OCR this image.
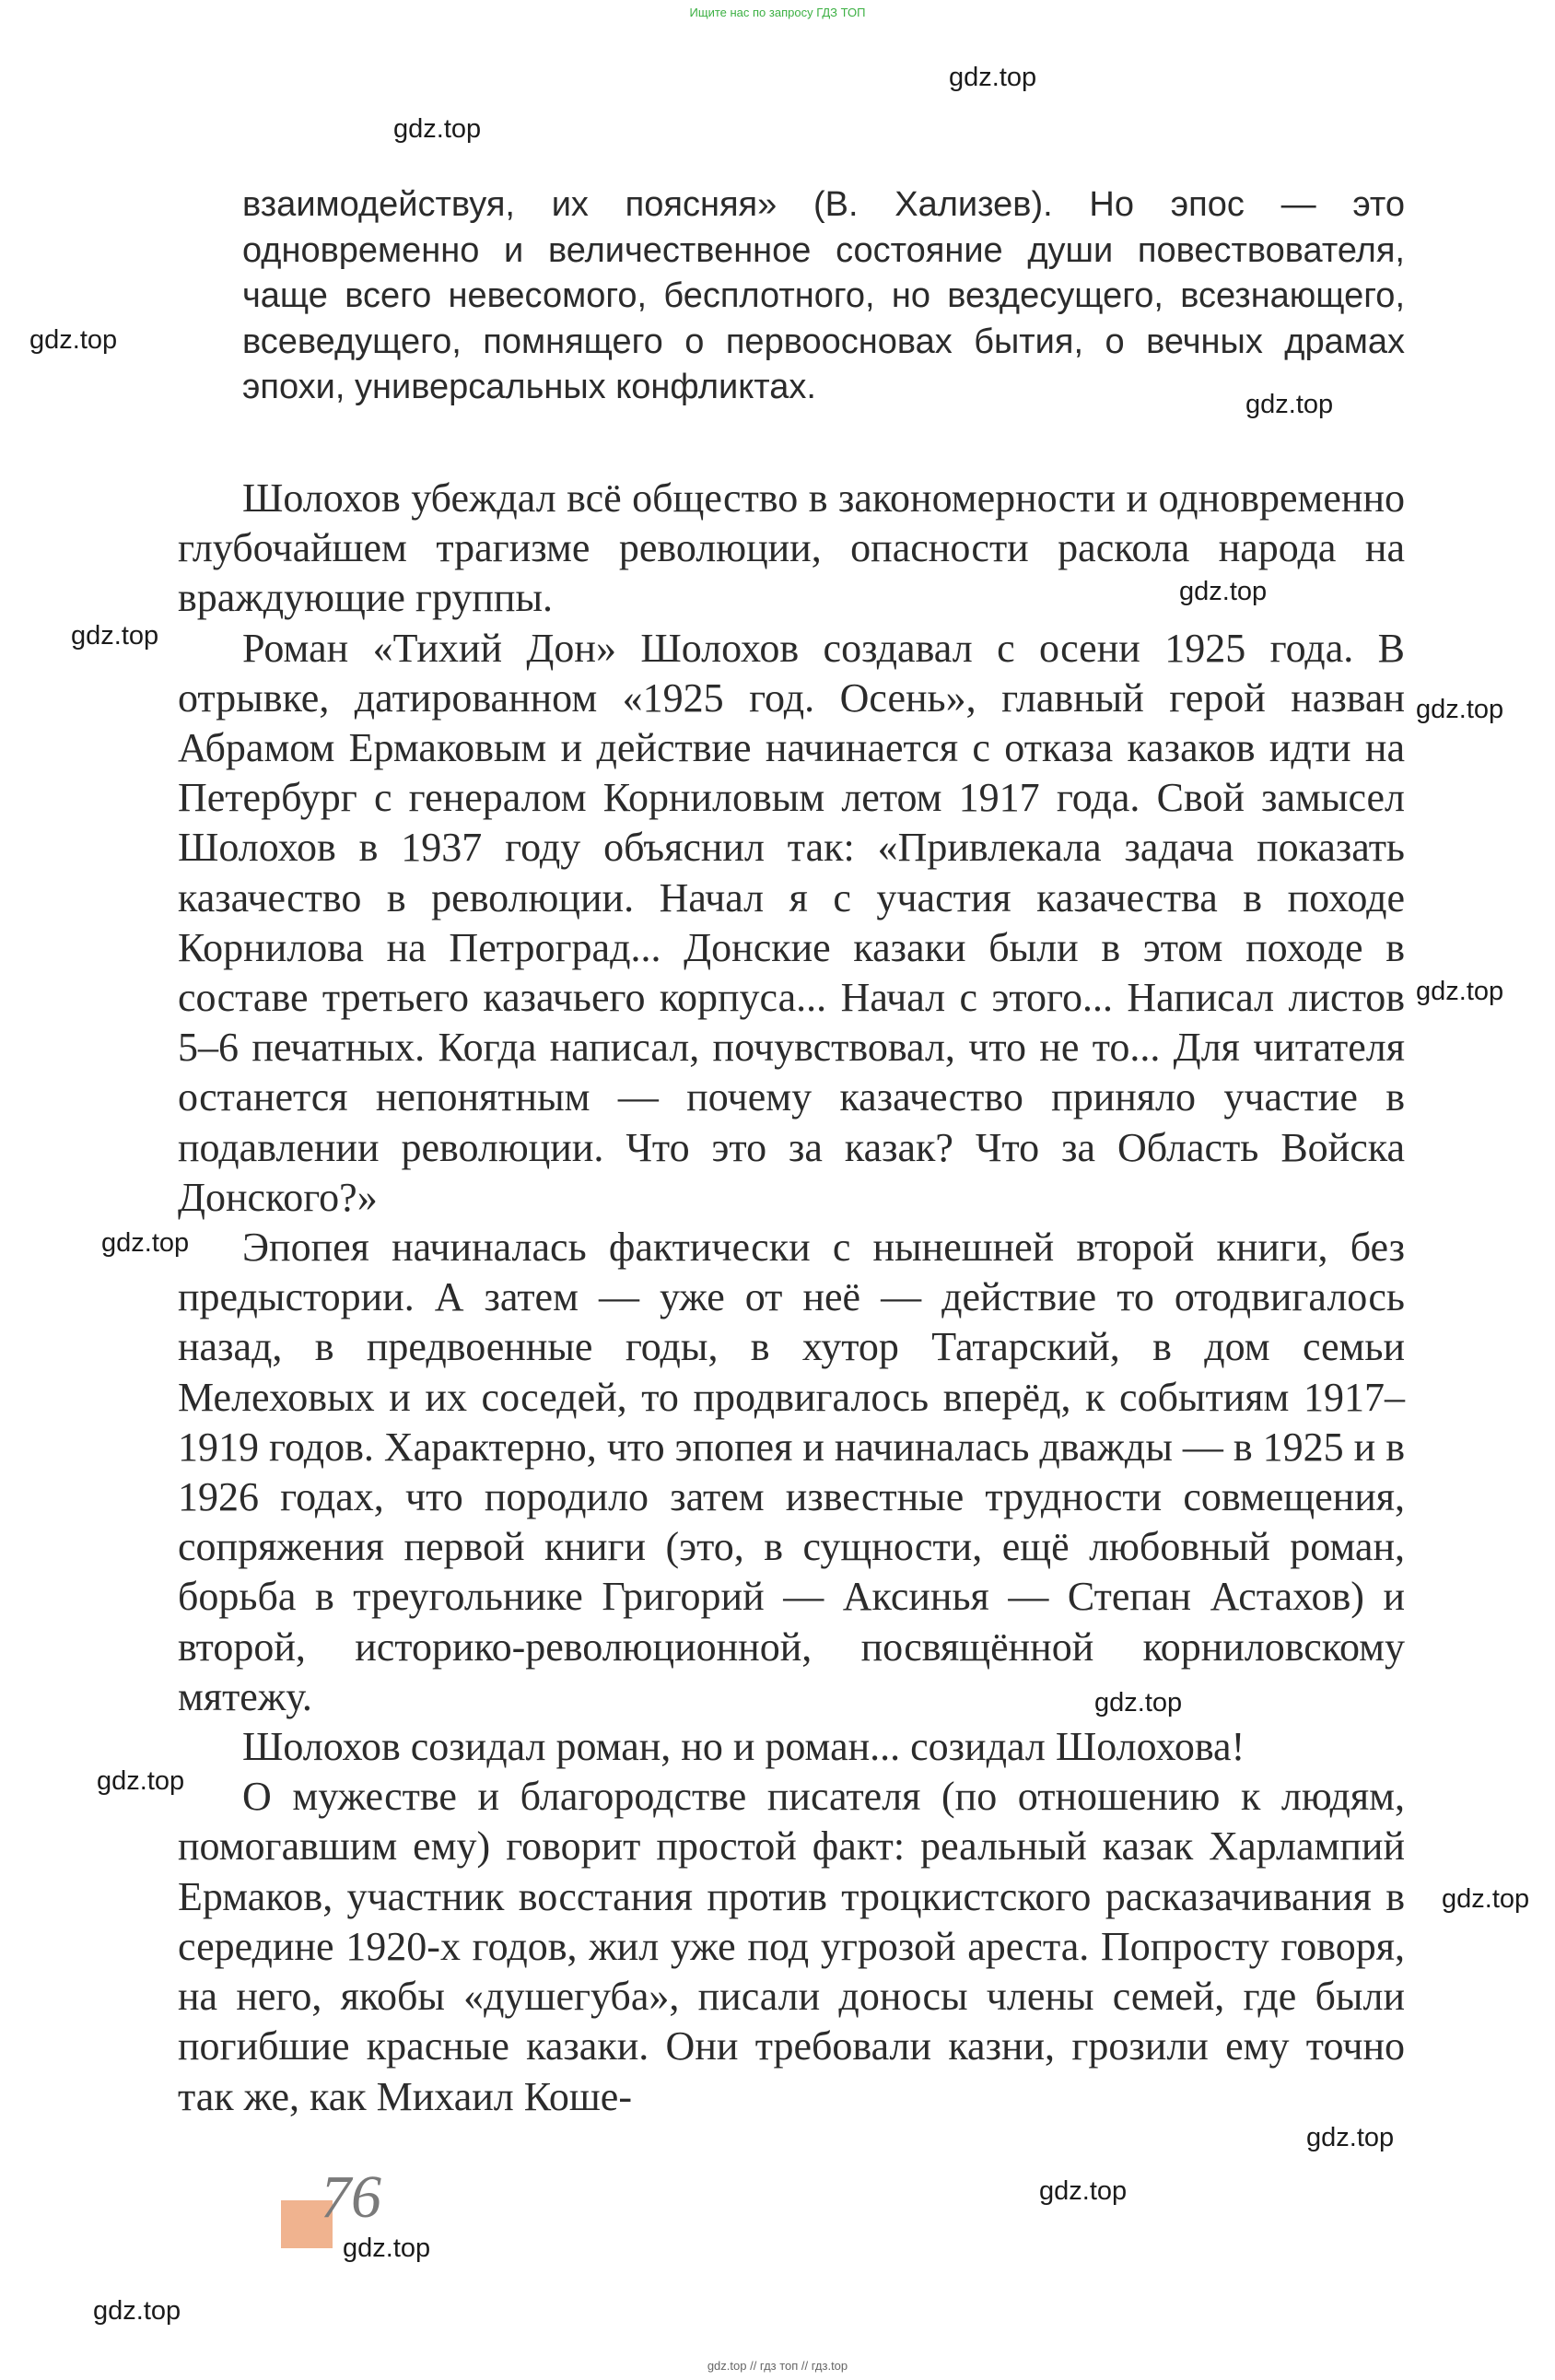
Ищите нас по запросу ГДЗ ТОП
gdz.top
gdz.top
gdz.top
gdz.top
gdz.top
gdz.top
gdz.top
gdz.top
gdz.top
gdz.top
gdz.top
gdz.top
gdz.top
gdz.top
gdz.top
gdz.top
взаимодействуя, их поясняя» (В. Хализев). Но эпос — это одновременно и величественное состояние души повествователя, чаще всего невесомого, бесплотного, но вездесущего, всезнающего, всеведущего, помнящего о первоосновах бытия, о вечных драмах эпохи, универсальных конфликтах.

Шолохов убеждал всё общество в закономерности и одновременно глубочайшем трагизме революции, опасности раскола народа на враждующие группы.

Роман «Тихий Дон» Шолохов создавал с осени 1925 года. В отрывке, датированном «1925 год. Осень», главный герой назван Абрамом Ермаковым и действие начинается с отказа казаков идти на Петербург с генералом Корниловым летом 1917 года. Свой замысел Шолохов в 1937 году объяснил так: «Привлекала задача показать казачество в революции. Начал я с участия казачества в походе Корнилова на Петроград... Донские казаки были в этом походе в составе третьего казачьего корпуса... Начал с этого... Написал листов 5–6 печатных. Когда написал, почувствовал, что не то... Для читателя останется непонятным — почему казачество приняло участие в подавлении революции. Что это за казак? Что за Область Войска Донского?»

Эпопея начиналась фактически с нынешней второй книги, без предыстории. А затем — уже от неё — действие то отодвигалось назад, в предвоенные годы, в хутор Татарский, в дом семьи Мелеховых и их соседей, то продвигалось вперёд, к событиям 1917–1919 годов. Характерно, что эпопея и начиналась дважды — в 1925 и в 1926 годах, что породило затем известные трудности совмещения, сопряжения первой книги (это, в сущности, ещё любовный роман, борьба в треугольнике Григорий — Аксинья — Степан Астахов) и второй, историко-революционной, посвящённой корниловскому мятежу.

Шолохов созидал роман, но и роман... созидал Шолохова!

О мужестве и благородстве писателя (по отношению к людям, помогавшим ему) говорит простой факт: реальный казак Харлампий Ермаков, участник восстания против троцкистского расказачивания в середине 1920-х годов, жил уже под угрозой ареста. Попросту говоря, на него, якобы «душегуба», писали доносы члены семей, где были погибшие красные казаки. Они требовали казни, грозили ему точно так же, как Михаил Коше-

76
gdz.top // гдз топ // гдз.top
